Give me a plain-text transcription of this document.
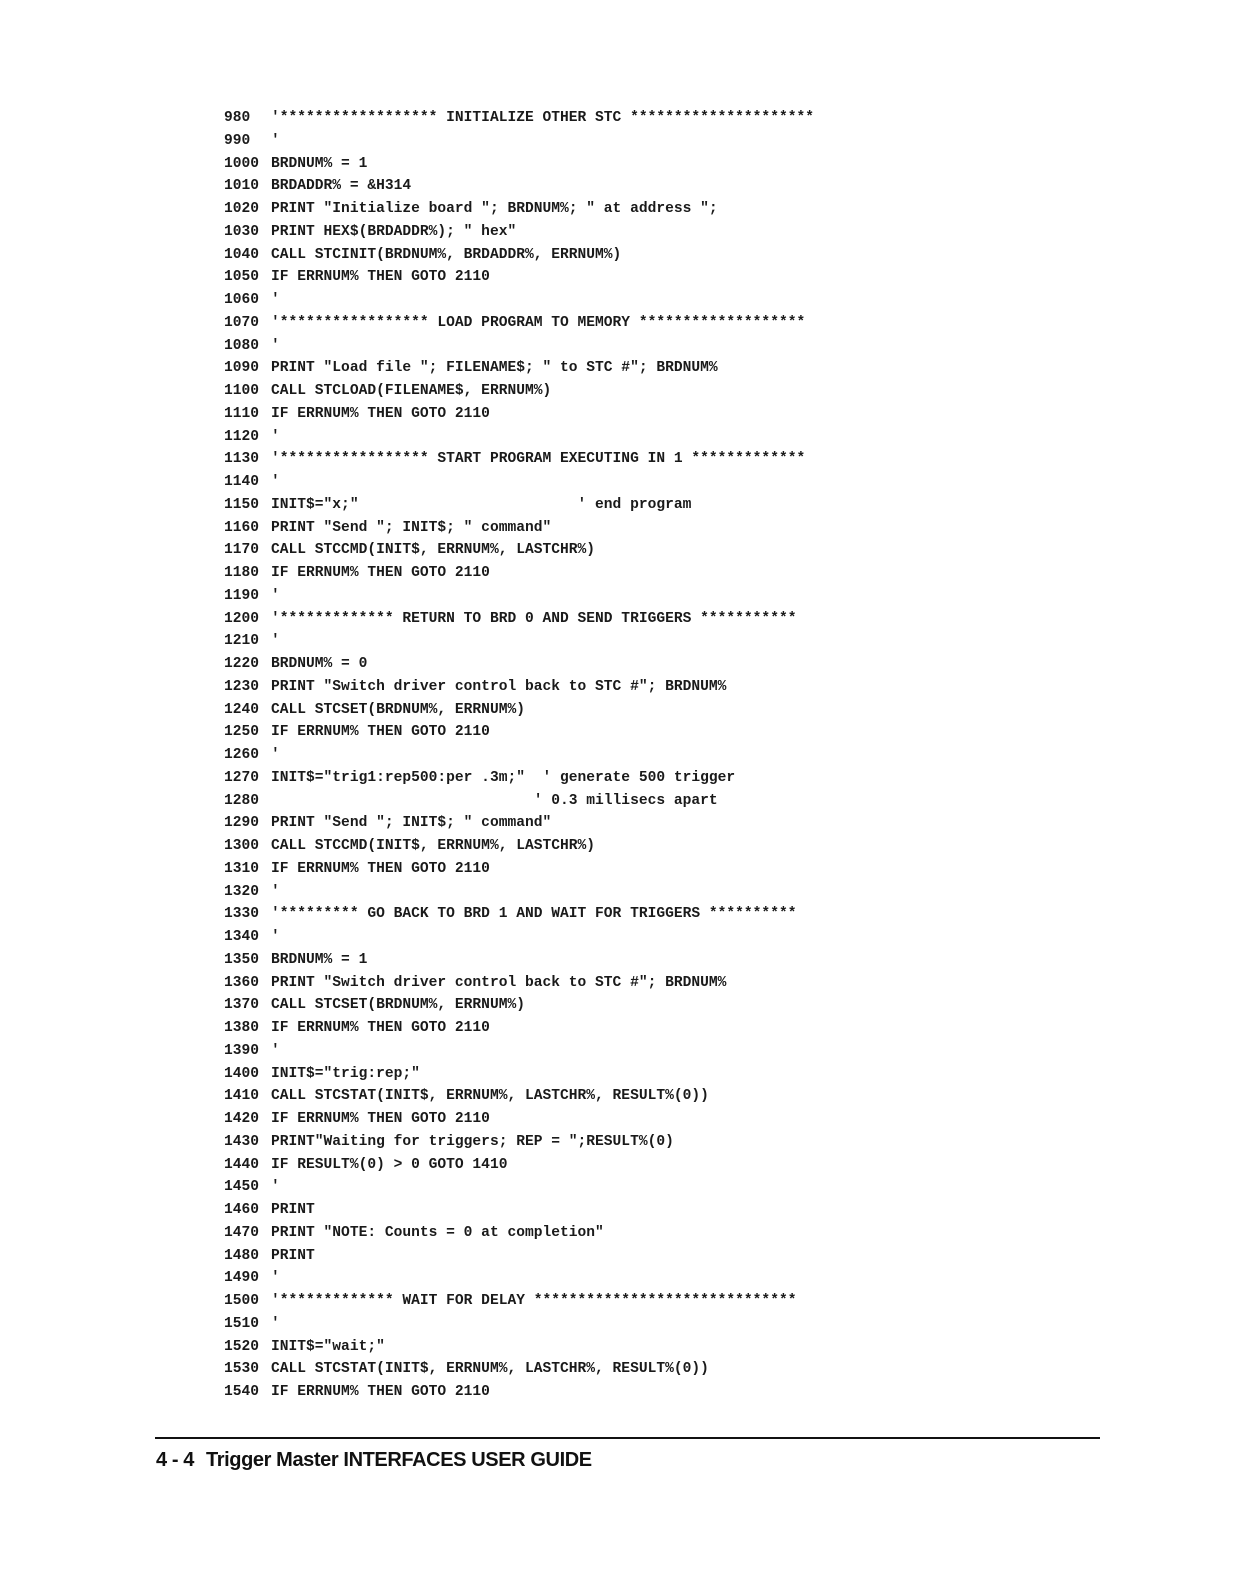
980	'****************** INITIALIZE OTHER STC *********************
990	'
1000 BRDNUM% = 1
1010 BRDADDR% = &H314
1020 PRINT "Initialize board "; BRDNUM%; " at address ";
1030 PRINT HEX$(BRDADDR%); " hex"
1040 CALL STCINIT(BRDNUM%, BRDADDR%, ERRNUM%)
1050 IF ERRNUM% THEN GOTO 2110
1060 '
1070 '***************** LOAD PROGRAM TO MEMORY *******************
1080 '
1090 PRINT "Load file "; FILENAME$; " to STC #"; BRDNUM%
1100 CALL STCLOAD(FILENAME$, ERRNUM%)
1110 IF ERRNUM% THEN GOTO 2110
1120 '
1130 '***************** START PROGRAM EXECUTING IN 1 *************
1140 '
1150 INIT$="x;"                         ' end program
1160 PRINT "Send "; INIT$; " command"
1170 CALL STCCMD(INIT$, ERRNUM%, LASTCHR%)
1180 IF ERRNUM% THEN GOTO 2110
1190 '
1200 '************* RETURN TO BRD 0 AND SEND TRIGGERS ***********
1210 '
1220 BRDNUM% = 0
1230 PRINT "Switch driver control back to STC #"; BRDNUM%
1240 CALL STCSET(BRDNUM%, ERRNUM%)
1250 IF ERRNUM% THEN GOTO 2110
1260 '
1270 INIT$="trig1:rep500:per .3m;"  ' generate 500 trigger
1280 ' 0.3 millisecs apart
1290 PRINT "Send "; INIT$; " command"
1300 CALL STCCMD(INIT$, ERRNUM%, LASTCHR%)
1310 IF ERRNUM% THEN GOTO 2110
1320 '
1330 '********* GO BACK TO BRD 1 AND WAIT FOR TRIGGERS **********
1340 '
1350 BRDNUM% = 1
1360 PRINT "Switch driver control back to STC #"; BRDNUM%
1370 CALL STCSET(BRDNUM%, ERRNUM%)
1380 IF ERRNUM% THEN GOTO 2110
1390 '
1400 INIT$="trig:rep;"
1410 CALL STCSTAT(INIT$, ERRNUM%, LASTCHR%, RESULT%(0))
1420 IF ERRNUM% THEN GOTO 2110
1430 PRINT"Waiting for triggers; REP = ";RESULT%(0)
1440 IF RESULT%(0) > 0 GOTO 1410
1450 '
1460 PRINT
1470 PRINT "NOTE: Counts = 0 at completion"
1480 PRINT
1490 '
1500 '************* WAIT FOR DELAY ******************************
1510 '
1520 INIT$="wait;"
1530 CALL STCSTAT(INIT$, ERRNUM%, LASTCHR%, RESULT%(0))
1540 IF ERRNUM% THEN GOTO 2110
4 - 4 Trigger Master INTERFACES USER GUIDE
